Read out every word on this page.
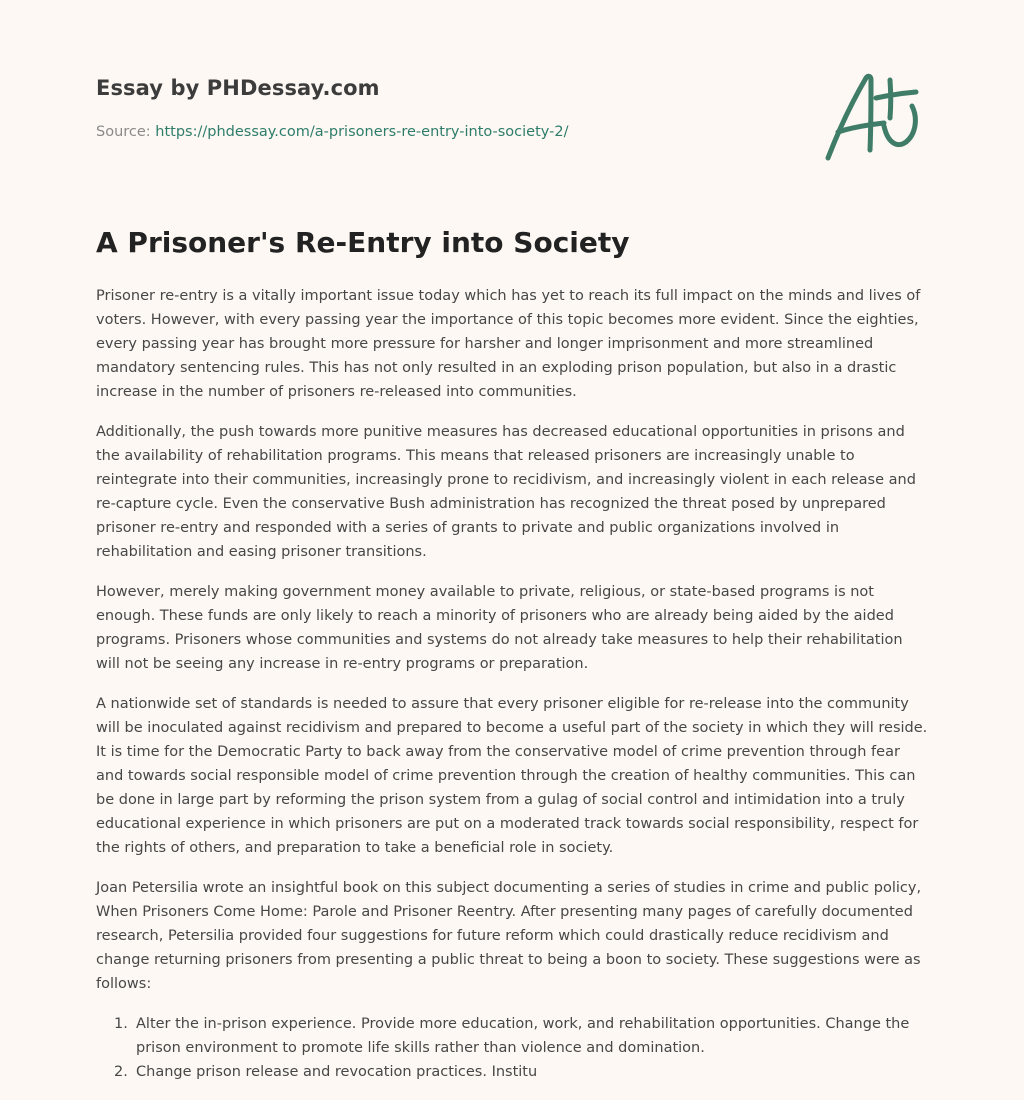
Essay by PHDessay.com
Source: https://phdessay.com/a-prisoners-re-entry-into-society-2/
A Prisoner's Re-Entry into Society

Prisoner re-entry is a vitally important issue today which has yet to reach its full impact on the minds and lives of voters. However, with every passing year the importance of this topic becomes more evident. Since the eighties, every passing year has brought more pressure for harsher and longer imprisonment and more streamlined mandatory sentencing rules. This has not only resulted in an exploding prison population, but also in a drastic increase in the number of prisoners re-released into communities.

Additionally, the push towards more punitive measures has decreased educational opportunities in prisons and the availability of rehabilitation programs. This means that released prisoners are increasingly unable to reintegrate into their communities, increasingly prone to recidivism, and increasingly violent in each release and re-capture cycle. Even the conservative Bush administration has recognized the threat posed by unprepared prisoner re-entry and responded with a series of grants to private and public organizations involved in rehabilitation and easing prisoner transitions.

However, merely making government money available to private, religious, or state-based programs is not enough. These funds are only likely to reach a minority of prisoners who are already being aided by the aided programs. Prisoners whose communities and systems do not already take measures to help their rehabilitation will not be seeing any increase in re-entry programs or preparation.

A nationwide set of standards is needed to assure that every prisoner eligible for re-release into the community will be inoculated against recidivism and prepared to become a useful part of the society in which they will reside. It is time for the Democratic Party to back away from the conservative model of crime prevention through fear and towards social responsible model of crime prevention through the creation of healthy communities. This can be done in large part by reforming the prison system from a gulag of social control and intimidation into a truly educational experience in which prisoners are put on a moderated track towards social responsibility, respect for the rights of others, and preparation to take a beneficial role in society.

Joan Petersilia wrote an insightful book on this subject documenting a series of studies in crime and public policy, When Prisoners Come Home: Parole and Prisoner Reentry. After presenting many pages of carefully documented research, Petersilia provided four suggestions for future reform which could drastically reduce recidivism and change returning prisoners from presenting a public threat to being a boon to society. These suggestions were as follows:

Alter the in-prison experience. Provide more education, work, and rehabilitation opportunities. Change the prison environment to promote life skills rather than violence and domination.
Change prison release and revocation practices. Institu
